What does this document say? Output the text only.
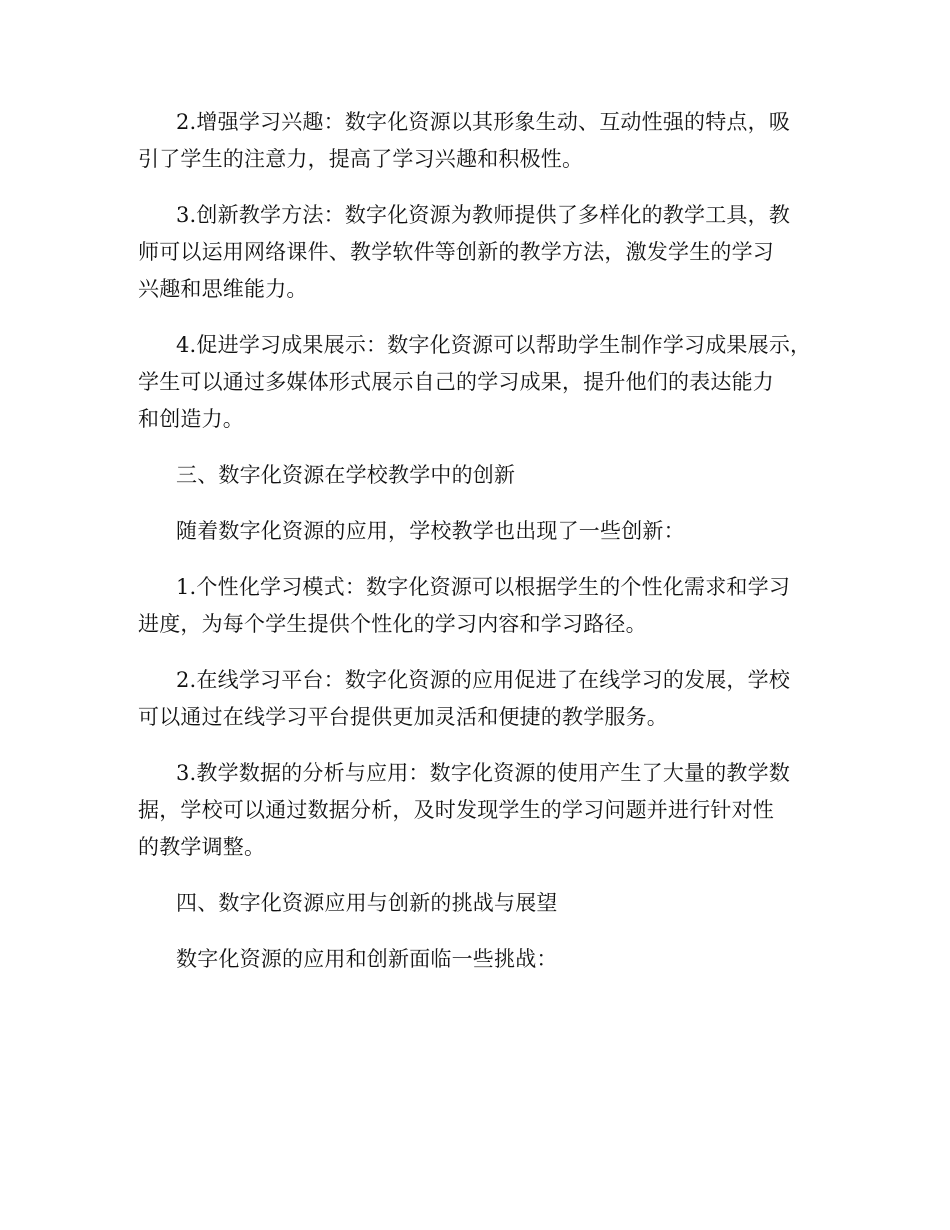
2.增强学习兴趣：数字化资源以其形象生动、互动性强的特点，吸
引了学生的注意力，提高了学习兴趣和积极性。

3.创新教学方法：数字化资源为教师提供了多样化的教学工具，教
师可以运用网络课件、教学软件等创新的教学方法，激发学生的学习
兴趣和思维能力。

4.促进学习成果展示：数字化资源可以帮助学生制作学习成果展示，
学生可以通过多媒体形式展示自己的学习成果，提升他们的表达能力
和创造力。

三、数字化资源在学校教学中的创新

随着数字化资源的应用，学校教学也出现了一些创新：

1.个性化学习模式：数字化资源可以根据学生的个性化需求和学习
进度，为每个学生提供个性化的学习内容和学习路径。

2.在线学习平台：数字化资源的应用促进了在线学习的发展，学校
可以通过在线学习平台提供更加灵活和便捷的教学服务。

3.教学数据的分析与应用：数字化资源的使用产生了大量的教学数
据，学校可以通过数据分析，及时发现学生的学习问题并进行针对性
的教学调整。

四、数字化资源应用与创新的挑战与展望

数字化资源的应用和创新面临一些挑战：
